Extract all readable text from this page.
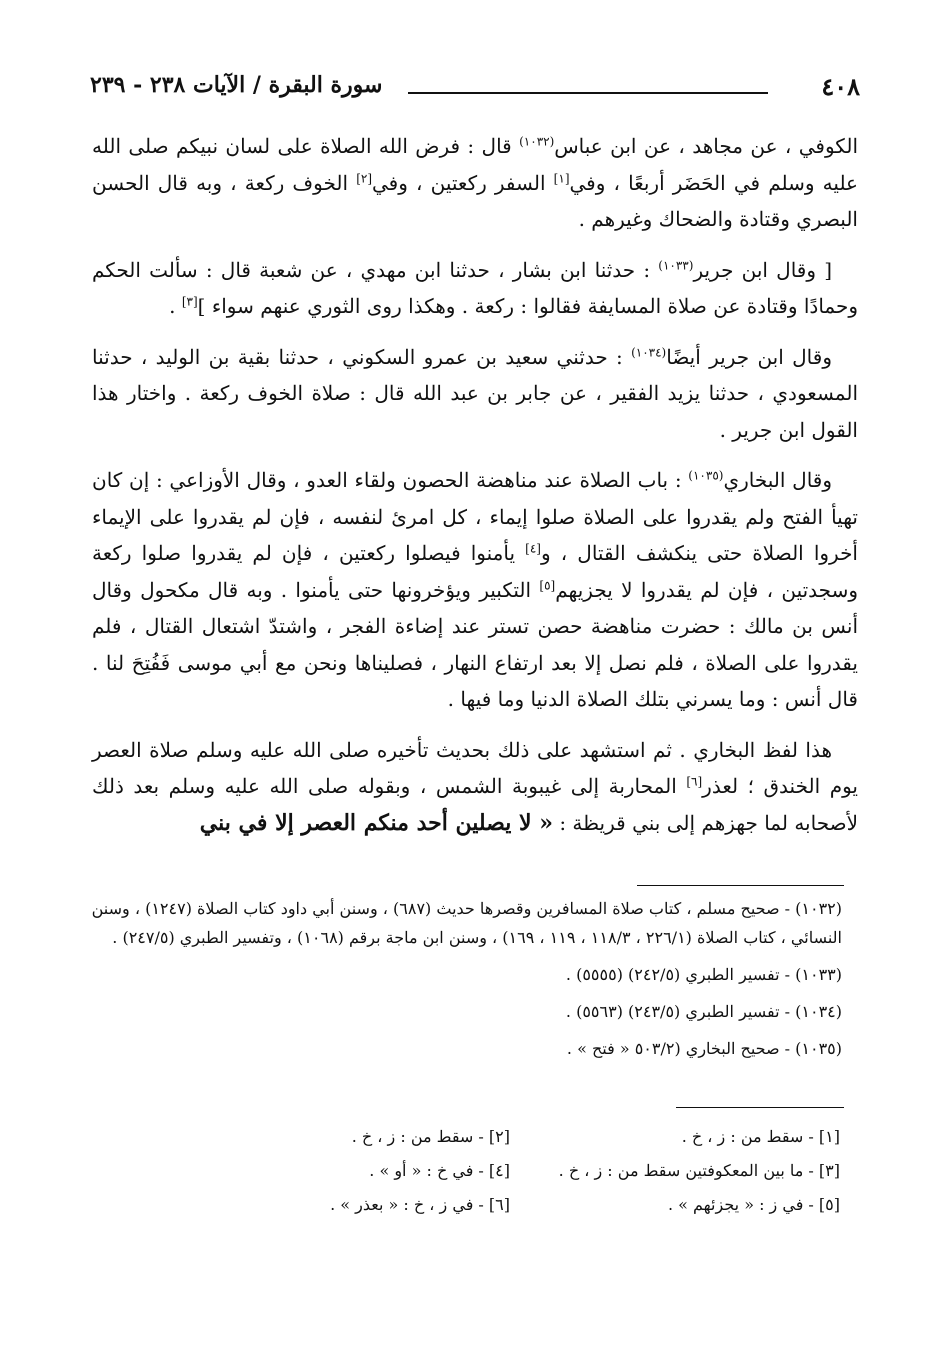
٤٠٨
سورة البقرة / الآيات ٢٣٨ - ٢٣٩

الكوفي ، عن مجاهد ، عن ابن عباس$^{(١٠٣٢)}$ قال : فرض الله الصلاة على لسان نبيكم صلى الله عليه وسلم في الحَضَر أربعًا ، وفي[١] السفر ركعتين ، وفي[٢] الخوف ركعة ، وبه قال الحسن البصري وقتادة والضحاك وغيرهم .

[ وقال ابن جرير$^{(١٠٣٣)}$ : حدثنا ابن بشار ، حدثنا ابن مهدي ، عن شعبة قال : سألت الحكم وحمادًا وقتادة عن صلاة المسايفة فقالوا : ركعة . وهكذا روى الثوري عنهم سواء ][٣] .

وقال ابن جرير أيضًا$^{(١٠٣٤)}$ : حدثني سعيد بن عمرو السكوني ، حدثنا بقية بن الوليد ، حدثنا المسعودي ، حدثنا يزيد الفقير ، عن جابر بن عبد الله قال : صلاة الخوف ركعة . واختار هذا القول ابن جرير .

وقال البخاري$^{(١٠٣٥)}$ : باب الصلاة عند مناهضة الحصون ولقاء العدو ، وقال الأوزاعي : إن كان تهيأ الفتح ولم يقدروا على الصلاة صلوا إيماء ، كل امرئ لنفسه ، فإن لم يقدروا على الإيماء أخروا الصلاة حتى ينكشف القتال ، و[٤] يأمنوا فيصلوا ركعتين ، فإن لم يقدروا صلوا ركعة وسجدتين ، فإن لم يقدروا لا يجزيهم[٥] التكبير ويؤخرونها حتى يأمنوا . وبه قال مكحول وقال أنس بن مالك : حضرت مناهضة حصن تستر عند إضاءة الفجر ، واشتدّ اشتعال القتال ، فلم يقدروا على الصلاة ، فلم نصل إلا بعد ارتفاع النهار ، فصليناها ونحن مع أبي موسى فَفُتِحَ لنا . قال أنس : وما يسرني بتلك الصلاة الدنيا وما فيها .

هذا لفظ البخاري . ثم استشهد على ذلك بحديث تأخيره صلى الله عليه وسلم صلاة العصر يوم الخندق ؛ لعذر[٦] المحاربة إلى غيبوبة الشمس ، وبقوله صلى الله عليه وسلم بعد ذلك لأصحابه لما جهزهم إلى بني قريظة : « لا يصلين أحد منكم العصر إلا في بني

(١٠٣٢) - صحيح مسلم ، كتاب صلاة المسافرين وقصرها حديث (٦٨٧) ، وسنن أبي داود كتاب الصلاة (١٢٤٧) ، وسنن النسائي ، كتاب الصلاة (٢٢٦/١ ، ١١٨/٣ ، ١١٩ ، ١٦٩) ، وسنن ابن ماجة برقم (١٠٦٨) ، وتفسير الطبري (٢٤٧/٥) .

(١٠٣٣) - تفسير الطبري (٢٤٢/٥) (٥٥٥٥) .

(١٠٣٤) - تفسير الطبري (٢٤٣/٥) (٥٥٦٣) .

(١٠٣٥) - صحيح البخاري (٥٠٣/٢ « فتح » .

[١] - سقط من : ز ، خ .
[٢] - سقط من : ز ، خ .
[٣] - ما بين المعكوفتين سقط من : ز ، خ .
[٤] - في خ : « أو » .
[٥] - في ز : « يجزئهم » .
[٦] - في ز ، خ : « بعذر » .
